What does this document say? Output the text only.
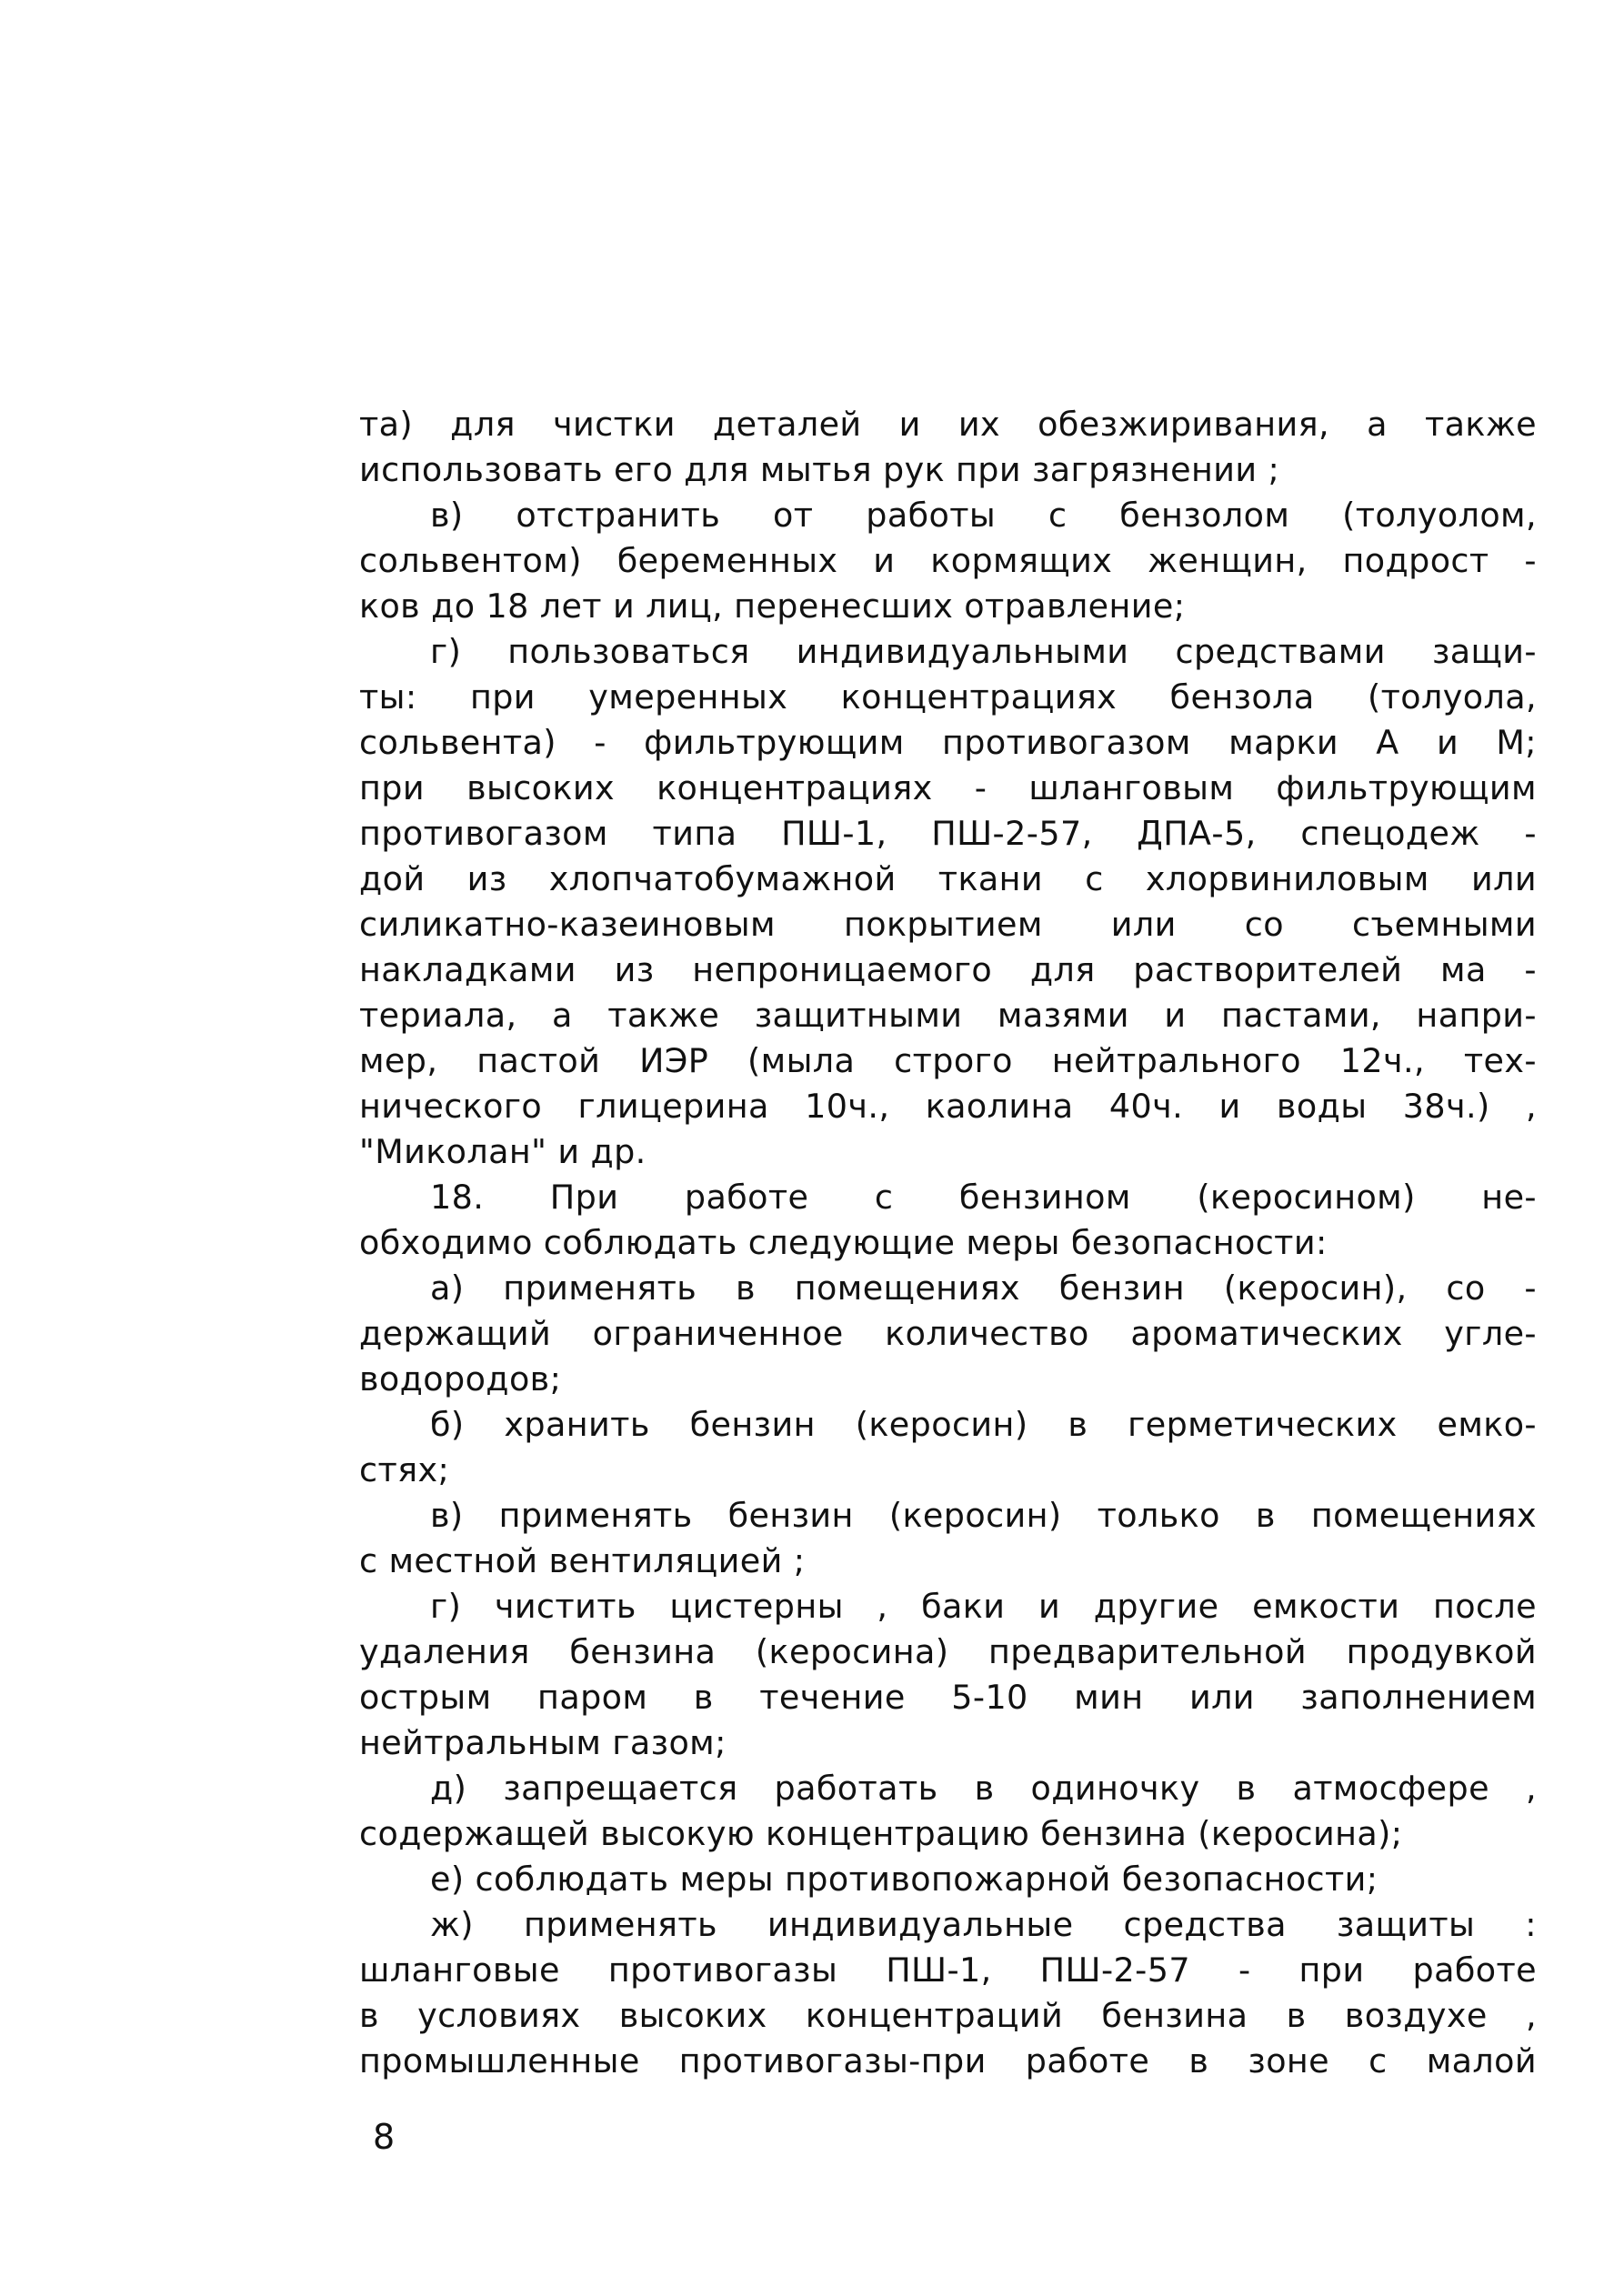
та) для чистки деталей и их обезжиривания, а также
использовать его для мытья рук при загрязнении ;
в) отстранить от работы с бензолом (толуолом,
сольвентом) беременных и кормящих женщин, подрост -
ков до 18 лет и лиц, перенесших отравление;
г) пользоваться индивидуальными средствами защи-
ты: при умеренных концентрациях бензола (толуола,
сольвента) - фильтрующим противогазом марки А и М;
при высоких концентрациях - шланговым фильтрующим
противогазом типа ПШ-1, ПШ-2-57, ДПА-5, спецодеж -
дой из хлопчатобумажной ткани с хлорвиниловым или
силикатно-казеиновым покрытием или со съемными
накладками из непроницаемого для растворителей ма -
териала, а также защитными мазями и пастами, напри-
мер, пастой ИЭР (мыла строго нейтрального 12ч., тех-
нического глицерина 10ч., каолина 40ч. и воды 38ч.) ,
"Миколан" и др.
18. При работе с бензином (керосином) не-
обходимо соблюдать следующие меры безопасности:
а) применять в помещениях бензин (керосин), со -
держащий ограниченное количество ароматических угле-
водородов;
б) хранить бензин (керосин) в герметических емко-
стях;
в) применять бензин (керосин) только в помещениях
с местной вентиляцией ;
г) чистить цистерны , баки и другие емкости после
удаления бензина (керосина) предварительной продувкой
острым паром в течение 5-10 мин или заполнением
нейтральным газом;
д) запрещается работать в одиночку в атмосфере ,
содержащей высокую концентрацию бензина (керосина);
е) соблюдать меры противопожарной безопасности;
ж) применять индивидуальные средства защиты :
шланговые противогазы ПШ-1, ПШ-2-57 - при работе
в условиях высоких концентраций бензина в воздухе ,
промышленные противогазы-при работе в зоне с малой
8
